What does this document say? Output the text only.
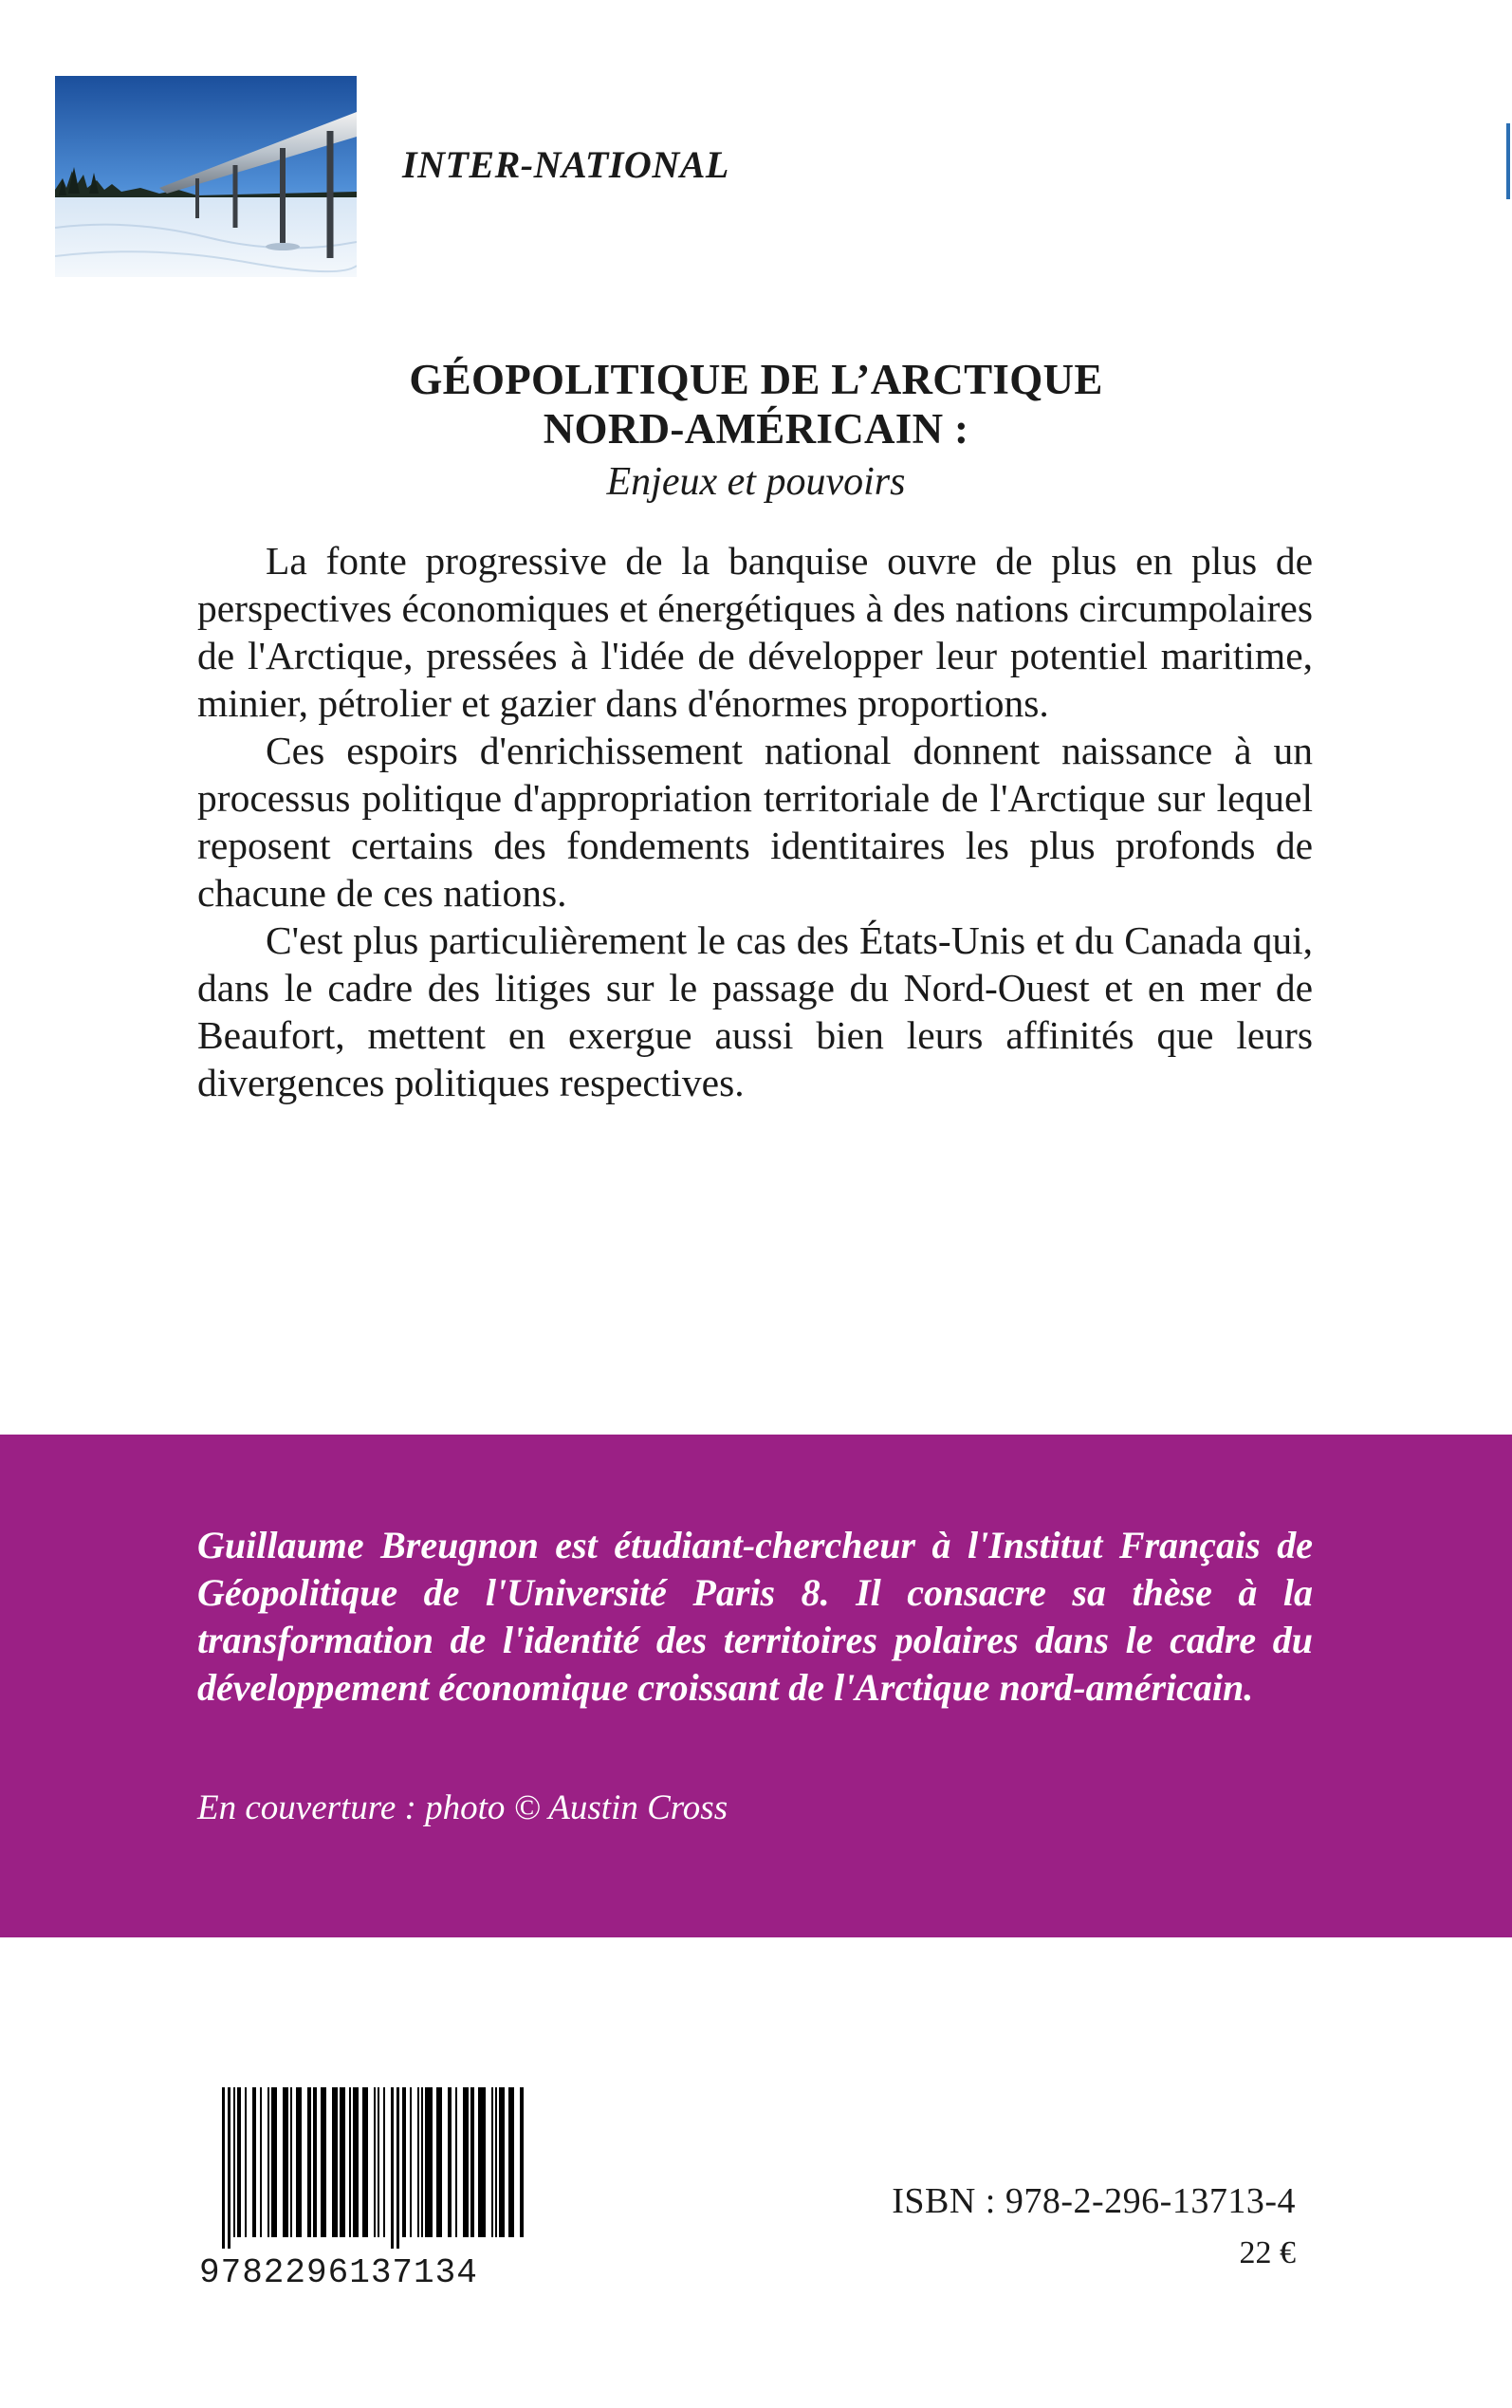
INTER-NATIONAL
GÉOPOLITIQUE DE L’ARCTIQUE
NORD-AMÉRICAIN :
Enjeux et pouvoirs

La fonte progressive de la banquise ouvre de plus en plus de perspectives économiques et énergétiques à des nations circumpolaires de l'Arctique, pressées à l'idée de développer leur potentiel maritime, minier, pétrolier et gazier dans d'énormes proportions.

Ces espoirs d'enrichissement national donnent naissance à un processus politique d'appropriation territoriale de l'Arctique sur lequel reposent certains des fondements identitaires les plus profonds de chacune de ces nations.

C'est plus particulièrement le cas des États-Unis et du Canada qui, dans le cadre des litiges sur le passage du Nord-Ouest et en mer de Beaufort, mettent en exergue aussi bien leurs affinités que leurs divergences politiques respectives.

Guillaume Breugnon est étudiant-chercheur à l'Institut Français de Géopolitique de l'Université Paris 8. Il consacre sa thèse à la transformation de l'identité des territoires polaires dans le cadre du développement économique croissant de l'Arctique nord-américain.

En couverture : photo © Austin Cross
9782296137134
ISBN : 978-2-296-13713-4
22 €
